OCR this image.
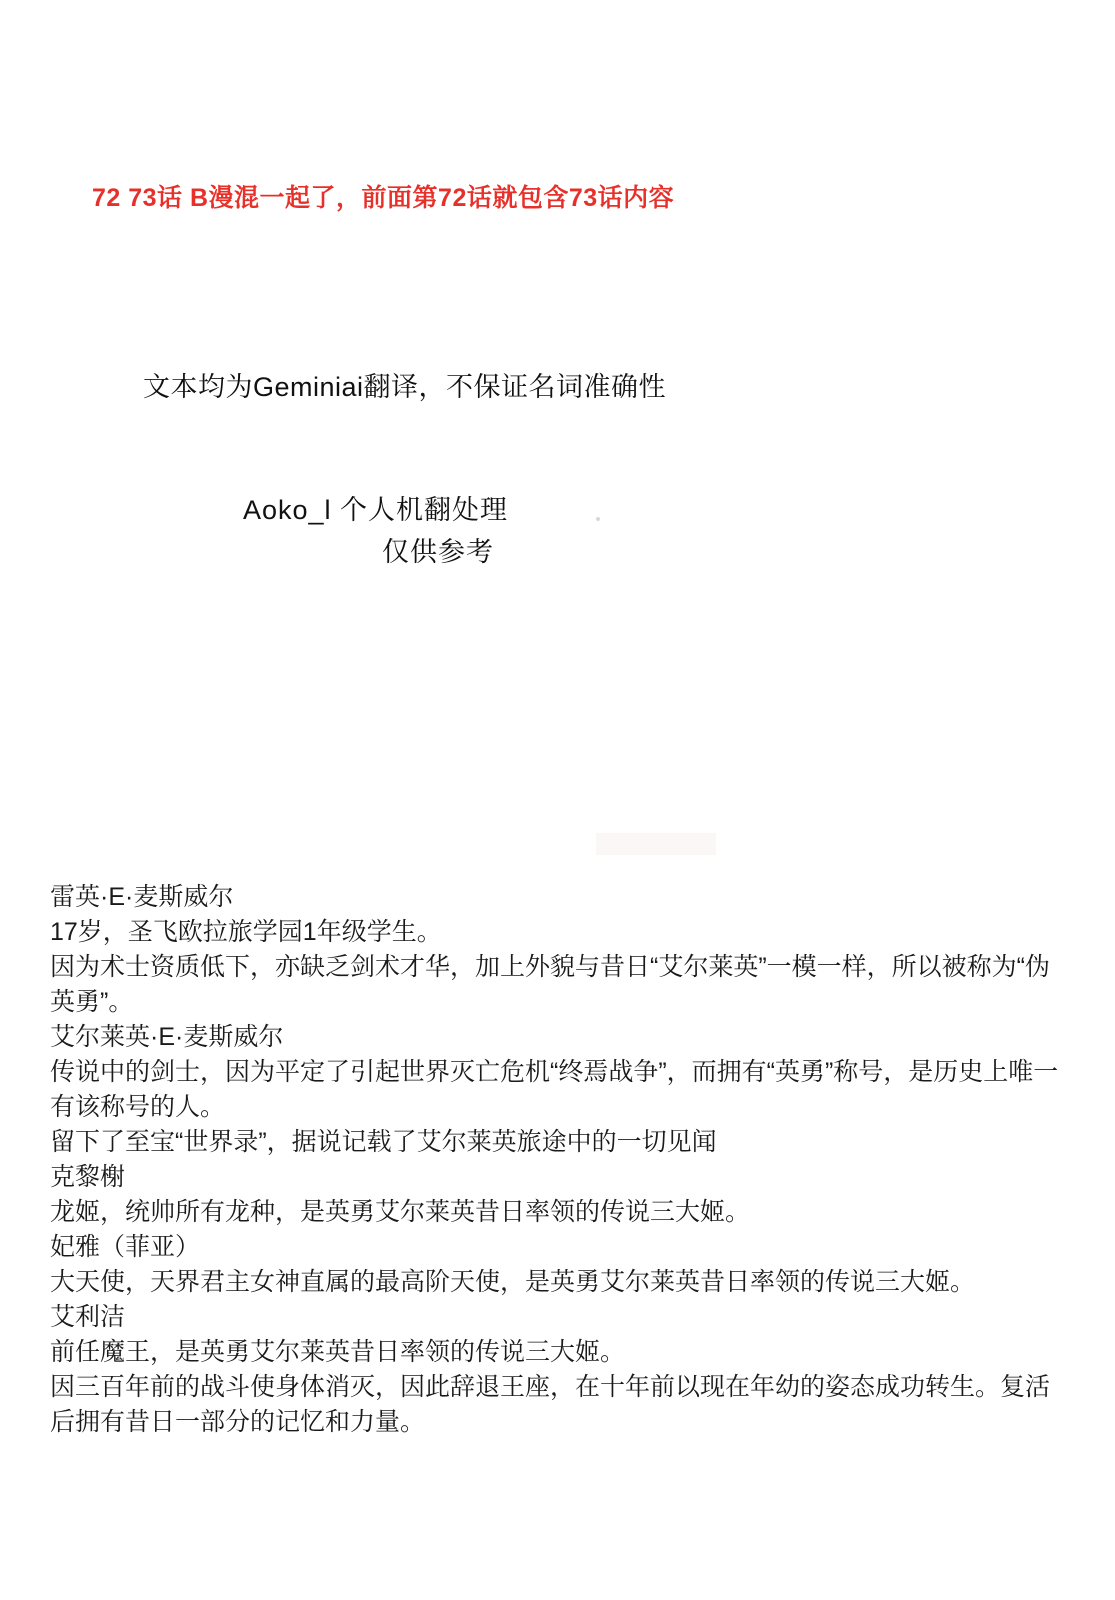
72 73话 B漫混一起了，前面第72话就包含73话内容
文本均为Geminiai翻译，不保证名词准确性
Aoko_l 个人机翻处理
仅供参考
雷英·E·麦斯威尔
17岁，圣飞欧拉旅学园1年级学生。
因为术士资质低下，亦缺乏剑术才华，加上外貌与昔日“艾尔莱英”一模一样，所以被称为“伪英勇”。
艾尔莱英·E·麦斯威尔
传说中的剑士，因为平定了引起世界灭亡危机“终焉战争”，而拥有“英勇”称号，是历史上唯一有该称号的人。
留下了至宝“世界录”，据说记载了艾尔莱英旅途中的一切见闻
克黎榭
龙姬，统帅所有龙种，是英勇艾尔莱英昔日率领的传说三大姬。
妃雅（菲亚）
大天使，天界君主女神直属的最高阶天使，是英勇艾尔莱英昔日率领的传说三大姬。
艾利洁
前任魔王，是英勇艾尔莱英昔日率领的传说三大姬。
因三百年前的战斗使身体消灭，因此辞退王座，在十年前以现在年幼的姿态成功转生。复活后拥有昔日一部分的记忆和力量。
